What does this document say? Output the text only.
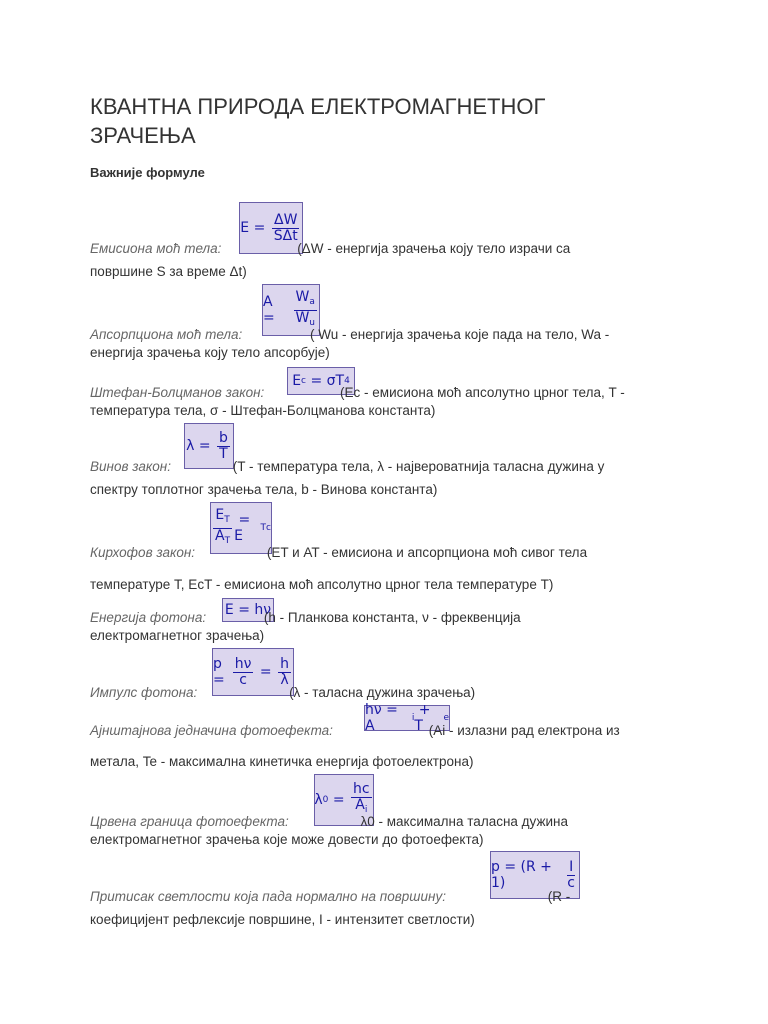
КВАНТНА ПРИРОДА ЕЛЕКТРОМАГНЕТНОГ ЗРАЧЕЊА
Важније формуле
$E = \frac{\Delta W}{\text{SΔt}}$
Емисиона моћ тела:	(ΔW - енергија зрачења коју тело израчи са
површине S за време Δt)
$A = \frac{W_a}{W_u}$
Апсорпциона моћ тела:	( Wu - енергија зрачења које пада на тело, Wa -
енергија зрачења коју тело апсорбује)
E c = σT 4
Штефан-Болцманов закон:	(Ec - емисиона моћ апсолутно црног тела, T -
температура тела, σ - Штефан-Болцманова константа)
$\lambda = \frac{b}{T}$
Винов закон:	(T - температура тела, λ - највероватнија таласна дужина у
спектру топлотног зрачења тела, b - Винова константа)
$\frac{E_T}{A_T} = E$ T c
Кирхофов закон:	(ET и AT - емисиона и апсорпциона моћ сивог тела
температуре T, EcT - емисиона моћ апсолутно црног тела температуре T)
E = hν
Енергија фотона:	(h - Планкова константа, ν - фреквенција
електромагнетног зрачења)
$p = \frac{h\nu}{c} = \frac{h}{\lambda}$
Импулс фотона:	(λ - таласна дужина зрачења)
hν = A	i + T e
Ајнштајнова једначина фотоефекта:	(Ai - излазни рад електрона из
метала, Te - максимална кинетичка енергија фотоелектрона)
λ $0 = \frac{hc}{A_i}$
Црвена граница фотоефекта:	λ0 - максимална таласна дужина
електромагнетног зрачења које може довести до фотоефекта)
p = (R + 1)	$\frac{I}{c}$
Притисак светлости која пада нормално на површину:	(R -
коефицијент рефлексије површине, I - интензитет светлости)
